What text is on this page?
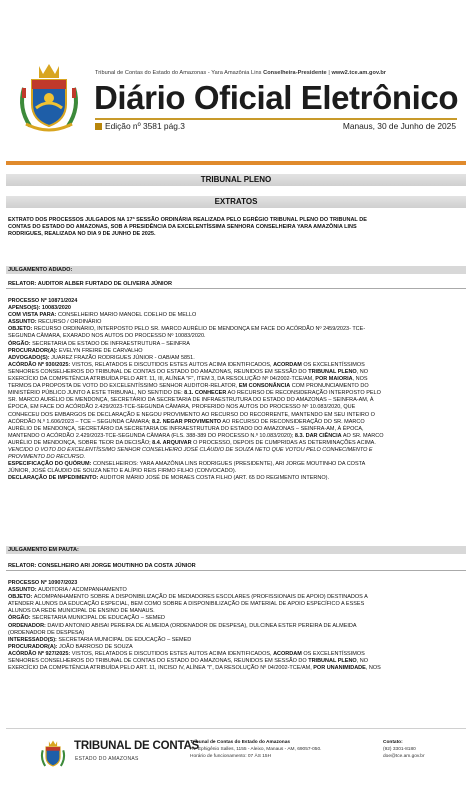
Tribunal de Contas do Estado do Amazonas - Yara Amazônia Lins Conselheira-Presidente | www2.tce.am.gov.br
Diário Oficial Eletrônico
Edição nº 3581 pág.3	Manaus, 30 de Junho de 2025
TRIBUNAL PLENO
EXTRATOS

EXTRATO DOS PROCESSOS JULGADOS NA 17ª SESSÃO ORDINÁRIA REALIZADA PELO EGRÉGIO TRIBUNAL PLENO DO TRIBUNAL DE
CONTAS DO ESTADO DO AMAZONAS, SOB A PRESIDÊNCIA DA EXCELENTÍSSIMA SENHORA CONSELHEIRA YARA AMAZÔNIA LINS
RODRIGUES, REALIZADA NO DIA 9 DE JUNHO DE 2025.

JULGAMENTO ADIADO:
RELATOR: AUDITOR ALBER FURTADO DE OLIVEIRA JÚNIOR

PROCESSO Nº 10871/2024
APENSO(S): 10083/2020
COM VISTA PARA: CONSELHEIRO MARIO MANOEL COELHO DE MELLO
ASSUNTO: RECURSO / ORDINÁRIO
OBJETO: RECURSO ORDINÁRIO, INTERPOSTO PELO SR. MARCO AURÉLIO DE MENDONÇA EM FACE DO ACÓRDÃO Nº 2459/2023- TCE-
SEGUNDA CÂMARA, EXARADO NOS AUTOS DO PROCESSO Nº 10083/2020.
ÓRGÃO: SECRETARIA DE ESTADO DE INFRAESTRUTURA – SEINFRA
PROCURADOR(A): EVELYN FREIRE DE CARVALHO
ADVOGADO(S): JUAREZ FRAZÃO RODRIGUES JÚNIOR - OAB/AM 5851.
ACÓRDÃO Nº 930/2025: VISTOS, RELATADOS E DISCUTIDOS ESTES AUTOS ACIMA IDENTIFICADOS, ACORDAM OS EXCELENTÍSSIMOS
SENHORES CONSELHEIROS DO TRIBUNAL DE CONTAS DO ESTADO DO AMAZONAS, REUNIDOS EM SESSÃO DO TRIBUNAL PLENO, NO
EXERCÍCIO DA COMPETÊNCIA ATRIBUÍDA PELO ART. 11, III, ALÍNEA "F", ITEM 3, DA RESOLUÇÃO Nº 04/2002-TCE/AM, POR MAIORIA, NOS
TERMOS DA PROPOSTA DE VOTO DO EXCELENTÍSSIMO SENHOR AUDITOR-RELATOR, EM CONSONÂNCIA COM PRONUNCIAMENTO DO
MINISTÉRIO PÚBLICO JUNTO A ESTE TRIBUNAL, NO SENTIDO DE: 8.1. CONHECER AO RECURSO DE RECONSIDERAÇÃO INTERPOSTO PELO
SR. MARCO AURÉLIO DE MENDONÇA, SECRETÁRIO DA SECRETARIA DE INFRAESTRUTURA DO ESTADO DO AMAZONAS – SEINFRA-AM, À
ÉPOCA, EM FACE DO ACÓRDÃO 2.429/2023-TCE-SEGUNDA CÂMARA, PROFERIDO NOS AUTOS DO PROCESSO Nº 10.083/2020, QUE
CONHECEU DOS EMBARGOS DE DECLARAÇÃO E NEGOU PROVIMENTO AO RECURSO DO RECORRENTE, MANTENDO EM SEU INTEIRO O
ACÓRDÃO N.º 1.606/2023 – TCE – SEGUNDA CÂMARA; 8.2. NEGAR PROVIMENTO AO RECURSO DE RECONSIDERAÇÃO DO SR. MARCO
AURÉLIO DE MENDONÇA, SECRETÁRIO DA SECRETARIA DE INFRAESTRUTURA DO ESTADO DO AMAZONAS – SEINFRA-AM, À ÉPOCA,
MANTENDO O ACÓRDÃO 2.429/2023-TCE-SEGUNDA CÂMARA (FLS. 388-389 DO PROCESSO N.º 10.083/2020); 8.3. DAR CIÊNCIA AO SR. MARCO
AURÉLIO DE MENDONÇA, SOBRE TEOR DA DECISÃO; 8.4. ARQUIVAR O PROCESSO, DEPOIS DE CUMPRIDAS AS DETERMINAÇÕES ACIMA.
VENCIDO O VOTO DO EXCELENTÍSSIMO SENHOR CONSELHEIRO JOSÉ CLÁUDIO DE SOUZA NETO QUE VOTOU PELO CONHECIMENTO E
PROVIMENTO DO RECURSO.
ESPECIFICAÇÃO DO QUÓRUM: CONSELHEIROS: YARA AMAZÔNIA LINS RODRIGUES (PRESIDENTE), ARI JORGE MOUTINHO DA COSTA
JÚNIOR, JOSÉ CLÁUDIO DE SOUZA NETO E ALÍPIO REIS FIRMO FILHO (CONVOCADO).
DECLARAÇÃO DE IMPEDIMENTO: AUDITOR MÁRIO JOSÉ DE MORAES COSTA FILHO (ART. 65 DO REGIMENTO INTERNO).

JULGAMENTO EM PAUTA:
RELATOR: CONSELHEIRO ARI JORGE MOUTINHO DA COSTA JÚNIOR

PROCESSO Nº 10907/2023
ASSUNTO: AUDITORIA / ACOMPANHAMENTO
OBJETO: ACOMPANHAMENTO SOBRE A DISPONIBILIZAÇÃO DE MEDIADORES ESCOLARES (PROFISSIONAIS DE APOIO) DESTINADOS A
ATENDER ALUNOS DA EDUCAÇÃO ESPECIAL, BEM COMO SOBRE A DISPONIBILIZAÇÃO DE MATERIAL DE APOIO ESPECÍFICO A ESSES
ALUNOS DA REDE MUNICIPAL DE ENSINO DE MANAUS.
ÓRGÃO: SECRETARIA MUNICIPAL DE EDUCAÇÃO – SEMED
ORDENADOR: DAVID ANTONIO ABISAI PEREIRA DE ALMEIDA (ORDENADOR DE DESPESA), DULCINEA ESTER PEREIRA DE ALMEIDA
(ORDENADOR DE DESPESA)
INTERESSADO(S): SECRETARIA MUNICIPAL DE EDUCAÇÃO – SEMED
PROCURADOR(A): JOÃO BARROSO DE SOUZA
ACÓRDÃO Nº 927/2025: VISTOS, RELATADOS E DISCUTIDOS ESTES AUTOS ACIMA IDENTIFICADOS, ACORDAM OS EXCELENTÍSSIMOS
SENHORES CONSELHEIROS DO TRIBUNAL DE CONTAS DO ESTADO DO AMAZONAS, REUNIDOS EM SESSÃO DO TRIBUNAL PLENO, NO
EXERCÍCIO DA COMPETÊNCIA ATRIBUÍDA PELO ART. 11, INCISO IV, ALÍNEA "I", DA RESOLUÇÃO Nº 04/2002-TCE/AM, POR UNANIMIDADE, NOS

TRIBUNAL DE CONTAS
ESTADO DO AMAZONAS
Tribunal de Contas do Estado do Amazonas
Av. Ephigênio Salles, 1155 - Aleixo, Manaus - AM, 69057-050.
Horário de funcionamento: 07 ÀS 15H
Contato:
(92) 3301-8180
doe@tce.am.gov.br
